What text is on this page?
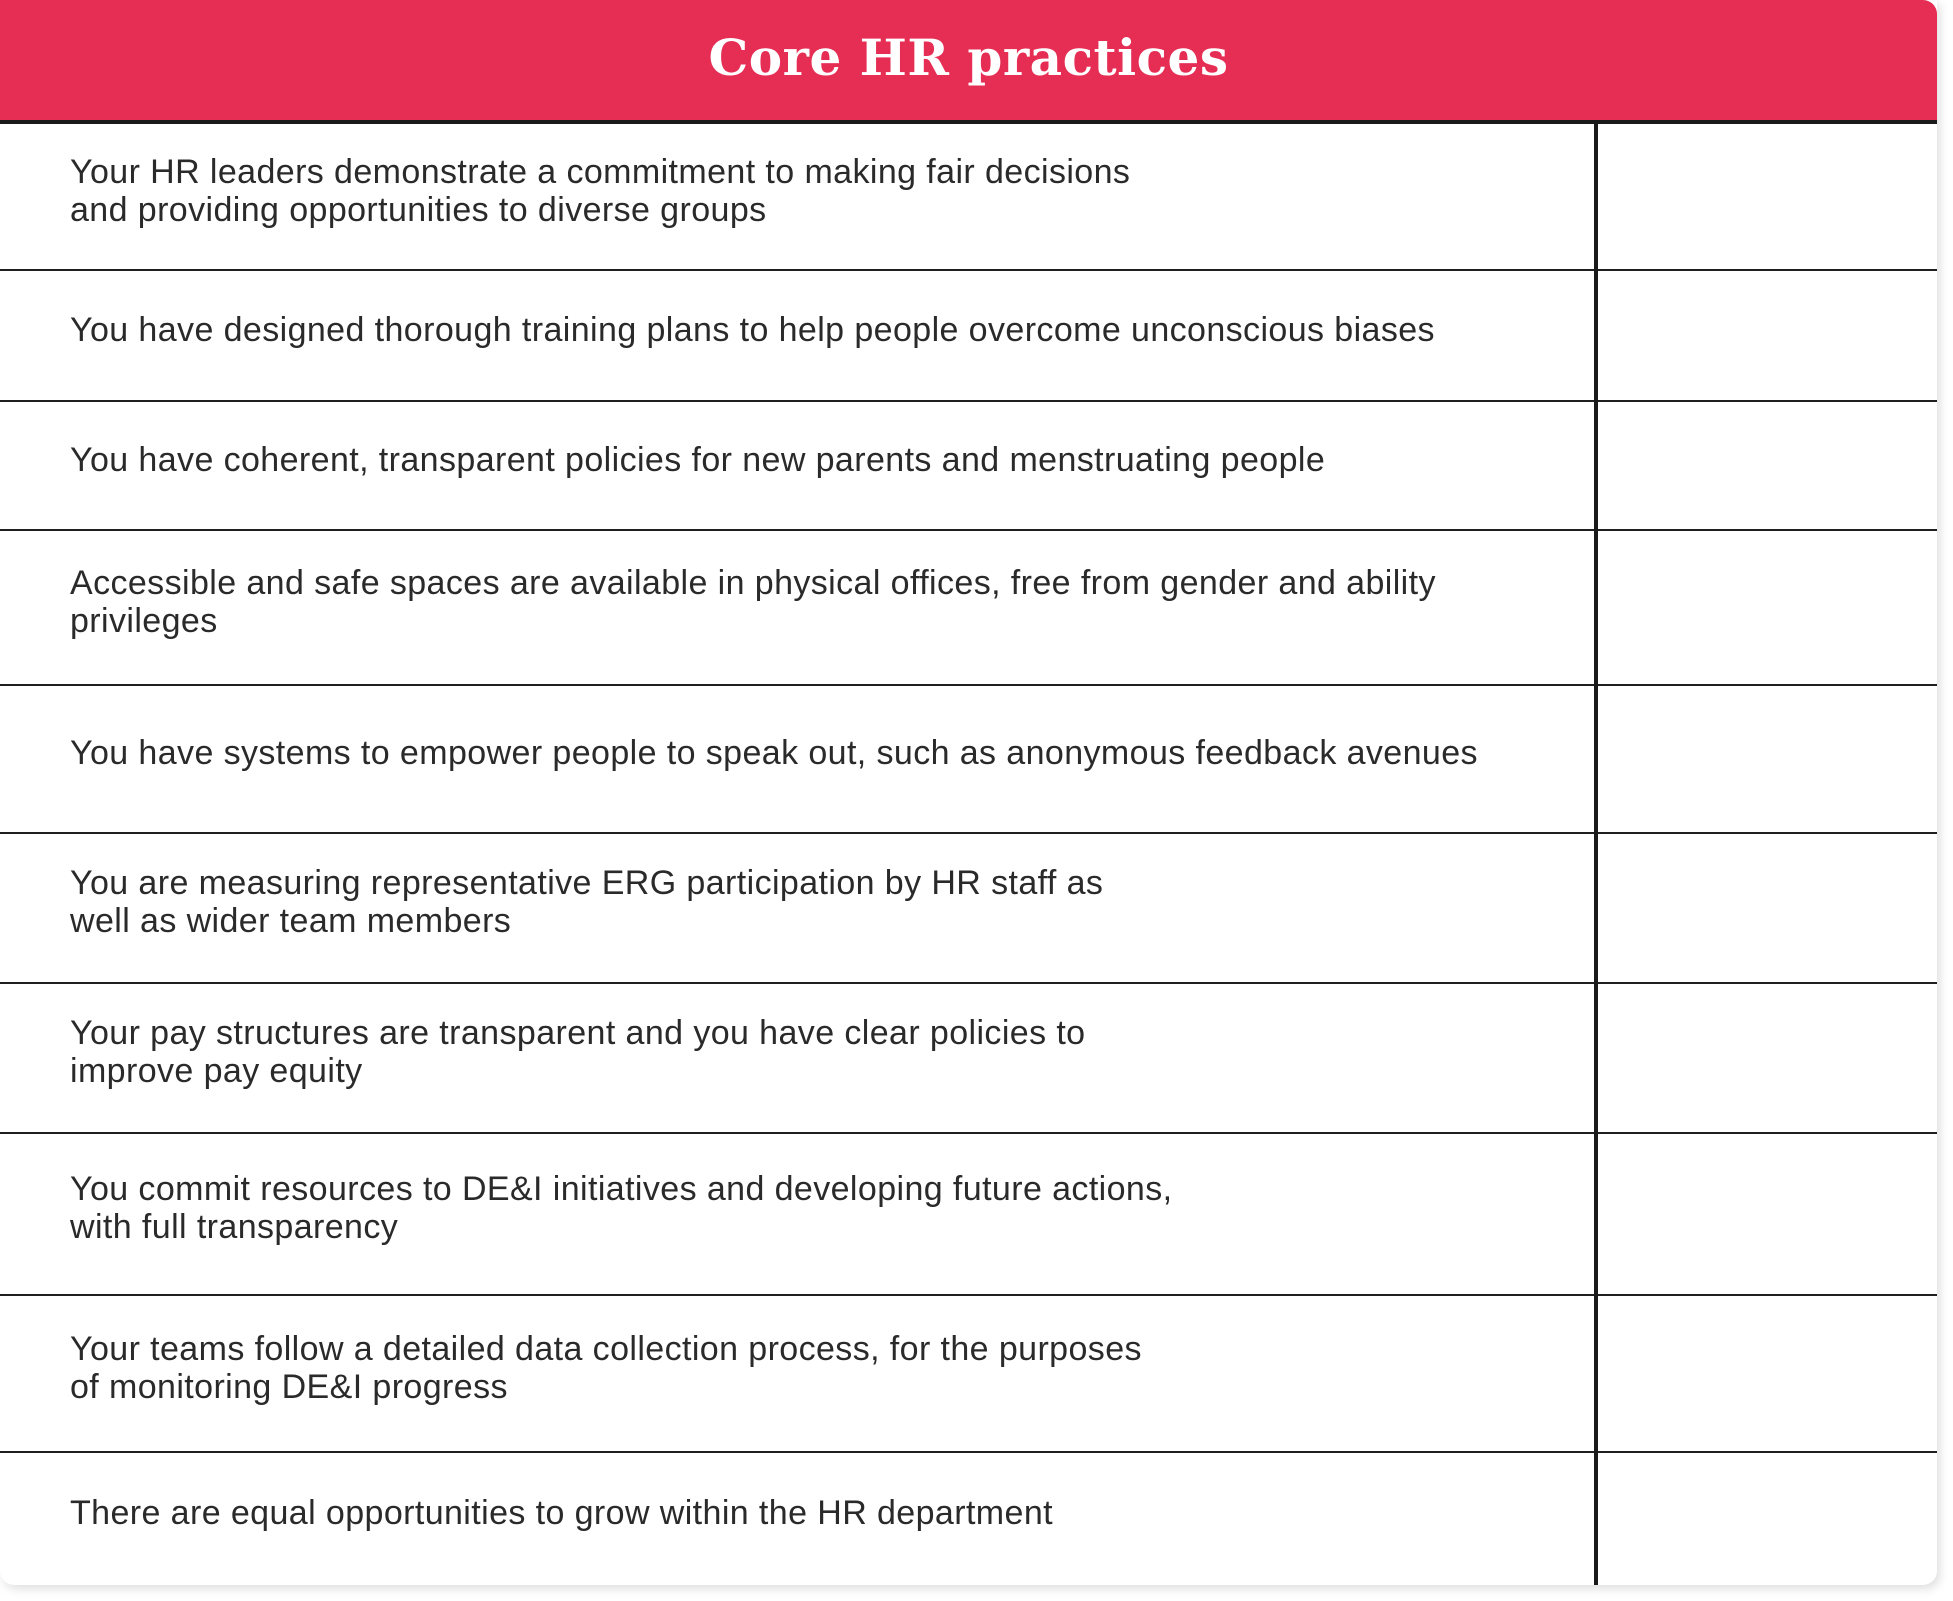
Core HR practices
Your HR leaders demonstrate a commitment to making fair decisions and providing opportunities to diverse groups
You have designed thorough training plans to help people overcome unconscious biases
You have coherent, transparent policies for new parents and menstruating people
Accessible and safe spaces are available in physical offices, free from gender and ability privileges
You have systems to empower people to speak out, such as anonymous feedback avenues
You are measuring representative ERG participation by HR staff as well as wider team members
Your pay structures are transparent and you have clear policies to improve pay equity
You commit resources to DE&I initiatives and developing future actions, with full transparency
Your teams follow a detailed data collection process, for the purposes of monitoring DE&I progress
There are equal opportunities to grow within the HR department
